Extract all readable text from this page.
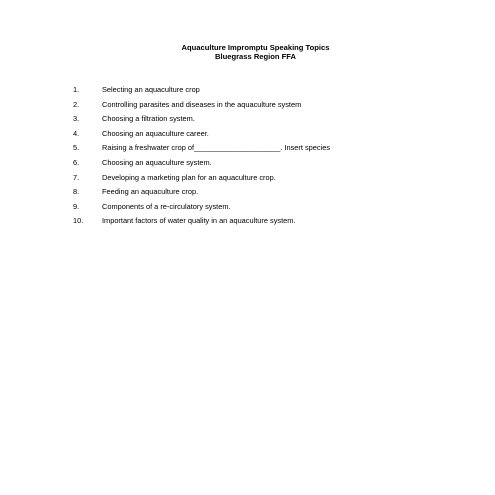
Aquaculture Impromptu Speaking Topics
Bluegrass Region FFA
1.	Selecting an aquaculture crop
2.	Controlling parasites and diseases in the aquaculture system
3.	Choosing a filtration system.
4.	Choosing an aquaculture career.
5.	Raising a freshwater crop of_____________________. Insert species
6.	Choosing an aquaculture system.
7.	Developing a marketing plan for an aquaculture crop.
8.	Feeding an aquaculture crop.
9.	Components of a re-circulatory system.
10.	Important factors of water quality in an aquaculture system.
